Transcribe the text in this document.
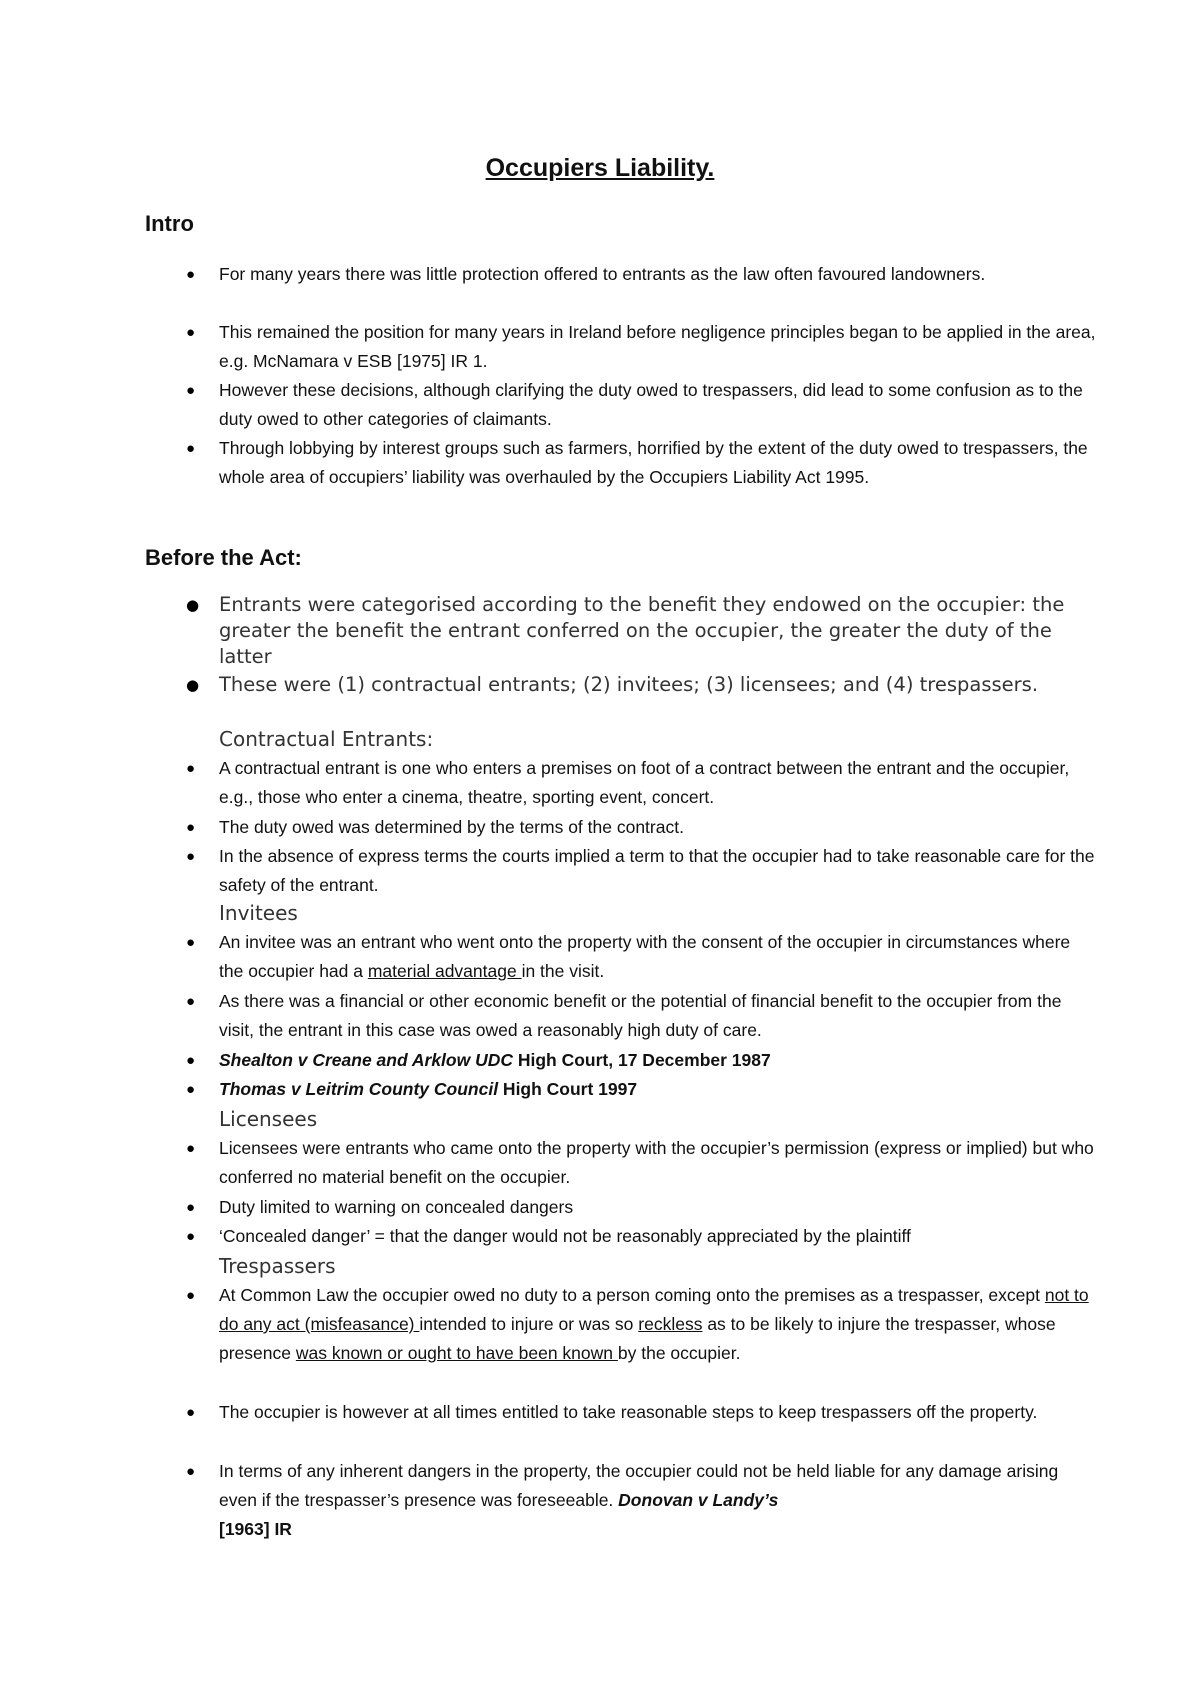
Occupiers Liability.
Intro
● For many years there was little protection offered to entrants as the law often favoured landowners.
● This remained the position for many years in Ireland before negligence principles began to be applied in the area, e.g. McNamara v ESB [1975] IR 1.
● However these decisions, although clarifying the duty owed to trespassers, did lead to some confusion as to the duty owed to other categories of claimants.
● Through lobbying by interest groups such as farmers, horrified by the extent of the duty owed to trespassers, the whole area of occupiers’ liability was overhauled by the Occupiers Liability Act 1995.
Before the Act:
● Entrants were categorised according to the benefit they endowed on the occupier: the greater the benefit the entrant conferred on the occupier, the greater the duty of the latter
● These were (1) contractual entrants; (2) invitees; (3) licensees; and (4) trespassers.
Contractual Entrants:
● A contractual entrant is one who enters a premises on foot of a contract between the entrant and the occupier, e.g., those who enter a cinema, theatre, sporting event, concert.
● The duty owed was determined by the terms of the contract.
● In the absence of express terms the courts implied a term to that the occupier had to take reasonable care for the safety of the entrant.
Invitees
● An invitee was an entrant who went onto the property with the consent of the occupier in circumstances where the occupier had a material advantage in the visit.
● As there was a financial or other economic benefit or the potential of financial benefit to the occupier from the visit, the entrant in this case was owed a reasonably high duty of care.
● Shealton v Creane and Arklow UDC High Court, 17 December 1987
● Thomas v Leitrim County Council High Court 1997
Licensees
● Licensees were entrants who came onto the property with the occupier’s permission (express or implied) but who conferred no material benefit on the occupier.
● Duty limited to warning on concealed dangers
● ‘Concealed danger’ = that the danger would not be reasonably appreciated by the plaintiff
Trespassers
● At Common Law the occupier owed no duty to a person coming onto the premises as a trespasser, except not to do any act (misfeasance) intended to injure or was so reckless as to be likely to injure the trespasser, whose presence was known or ought to have been known by the occupier.
● The occupier is however at all times entitled to take reasonable steps to keep trespassers off the property.
● In terms of any inherent dangers in the property, the occupier could not be held liable for any damage arising even if the trespasser’s presence was foreseeable. Donovan v Landy’s
[1963] IR
